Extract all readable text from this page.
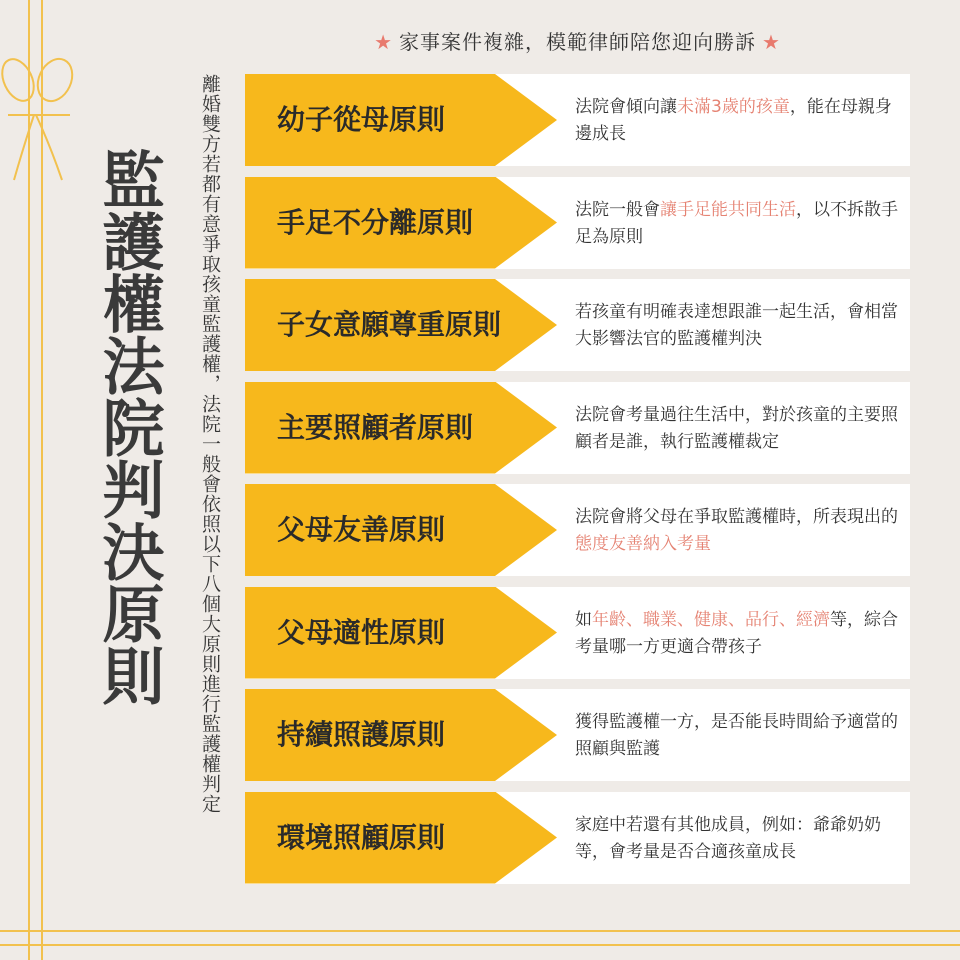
★ 家事案件複雜，模範律師陪您迎向勝訴 ★
監護權法院判決原則 離婚雙方若都有意爭取孩童監護權，法院一般會依照以下八個大原則進行監護權判定 幼子從母原則	法院會傾向讓未滿3歲的孩童，能在母親身邊成長
手足不分離原則	法院一般會讓手足能共同生活，以不拆散手足為原則
子女意願尊重原則	若孩童有明確表達想跟誰一起生活，會相當大影響法官的監護權判決
主要照顧者原則	法院會考量過往生活中，對於孩童的主要照顧者是誰，執行監護權裁定
父母友善原則	法院會將父母在爭取監護權時，所表現出的態度友善納入考量
父母適性原則	如年齡、職業、健康、品行、經濟等，綜合考量哪一方更適合帶孩子
持續照護原則	獲得監護權一方，是否能長時間給予適當的照顧與監護
環境照顧原則	家庭中若還有其他成員，例如：爺爺奶奶等，會考量是否合適孩童成長
